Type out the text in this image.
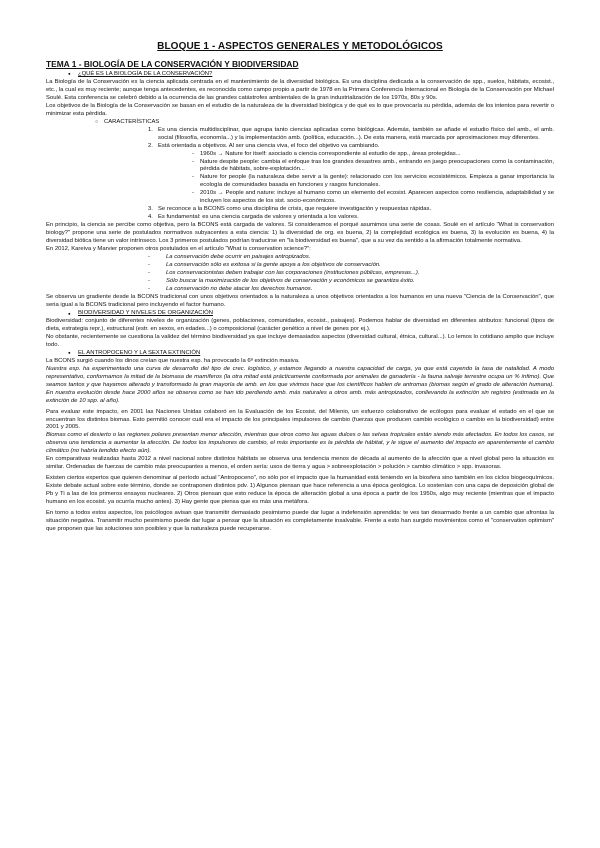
BLOQUE 1 - ASPECTOS GENERALES Y METODOLÓGICOS
TEMA 1 - BIOLOGÍA DE LA CONSERVACIÓN Y BIODIVERSIDAD
● ¿QUÉ ES LA BIOLOGÍA DE LA CONSERVACIÓN?

La Biología de la Conservación es la ciencia aplicada centrada en el mantenimiento de la diversidad biológica. Es una disciplina dedicada a la conservación de spp., suelos, hábitats, ecosist., etc., la cual es muy reciente; aunque tenga antecedentes, es reconocida como campo propio a partir de 1978 en la Primera Conferencia Internacional en Biología de la Conservación por Michael Soulé. Esta conferencia se celebró debido a la ocurrencia de las grandes catástrofes ambientales de la gran industrialización de los 1970s, 80s y 90s.

Los objetivos de la Biología de la Conservación se basan en el estudio de la naturaleza de la diversidad biológica y de qué es lo que provocaría su pérdida, además de los intentos para revertir o minimizar esta pérdida.

○ CARACTERÍSTICAS
1. Es una ciencia multidisciplinar, que agrupa tanto ciencias aplicadas como biológicas. Además, también se añade el estudio físico del amb., el amb. social (filosofía, economía...) y la implementación amb. (política, educación...). De esta manera, está marcada por aproximaciones muy diferentes.
2. Está orientada a objetivos. Al ser una ciencia viva, el foco del objetivo va cambiando.
- 1960s → Nature for itself: asociado a ciencia correspondiente al estudio de spp., áreas protegidas...
- Nature despite people: cambia el enfoque tras los grandes desastres amb., entrando en juego preocupaciones como la contaminación, pérdida de hábitats, sobre-explotación...
- Nature for people (la naturaleza debe servir a la gente): relacionado con los servicios ecosistémicos. Empieza a ganar importancia la ecología de comunidades basada en funciones y rasgos funcionales.
- 2010s → People and nature: incluye al humano como un elemento del ecosist. Aparecen aspectos como resiliencia, adaptabilidad y se incluyen los aspectos de los sist. socio-económicos.
3. Se reconoce a la BCONS como una disciplina de crisis, que requiere investigación y respuestas rápidas.
4. Es fundamental: es una ciencia cargada de valores y orientada a los valores.

En principio, la ciencia se percibe como objetiva, pero la BCONS está cargada de valores. Si consideramos el porqué asumimos una serie de cosas. Soulé en el artículo "What is conservation biology?" propone una serie de postulados normativos subyacentes a esta ciencia: 1) la diversidad de org. es buena, 2) la complejidad ecológica es buena, 3) la evolución es buena, 4) la diversidad biótica tiene un valor intrínseco. Los 3 primeros postulados podrían traducirse en "la biodiversidad es buena", que a su vez da sentido a la afirmación totalmente normativa.

En 2012, Kareiva y Marvier proponen otros postulados en el artículo "What is conservation science?":

- La conservación debe ocurrir en paisajes antropizados.
- La conservación sólo es exitosa si la gente apoya a los objetivos de conservación.
- Los conservacionistas deben trabajar con las corporaciones (instituciones públicas, empresas...).
- Sólo buscar la maximización de los objetivos de conservación y económicos se garantiza éxito.
- La conservación no debe atacar los derechos humanos.

Se observa un gradiente desde la BCONS tradicional con unos objetivos orientados a la naturaleza a unos objetivos orientados a los humanos en una nueva "Ciencia de la Conservación", que seria igual a la BCONS tradicional pero incluyendo el factor humano.

● BIODIVERSIDAD Y NIVELES DE ORGANIZACIÓN

Biodiversidad: conjunto de diferentes niveles de organización (genes, poblaciones, comunidades, ecosist., paisajes). Podemos hablar de diversidad en diferentes atributos: funcional (tipos de dieta, estrategia repr.), estructural (estr. en sexos, en edades...) o composicional (carácter genético a nivel de genes por ej.).

No obstante, recientemente se cuestiona la validez del término biodiversidad ya que incluye demasiados aspectos (diversidad cultural, étnica, cultural...). Lo lemos lo cotidiano amplio que incluye todo.

● EL ANTROPOCENO Y LA SEXTA EXTINCIÓN

La BCONS surgió cuando los dinos creían que nuestra esp. ha provocado la 6ª extinción masiva.

Nuestra esp. ha experimentado una curva de desarrollo del tipo de crec. logístico, y estamos llegando a nuestra capacidad de carga, ya que está cayendo la tasa de natalidad. A modo representativo, conformamos la mitad de la biomasa de mamíferos (la otra mitad está prácticamente conformada por animales de ganadería - la fauna salvaje terrestre ocupa un % ínfimo). Que seamos tantos y que hayamos alterado y transformado la gran mayoría de amb. en los que vivimos hace que los científicos hablen de antromas (biomas según el grado de alteración humana). En nuestra evolución desde hace 2000 años se observa como se han ido perdiendo amb. más naturales a otros amb. más antropizados, conllevando la extinción sin registro (estimada en la extinción de 10 spp. al año).

Para evaluar este impacto, en 2001 las Naciones Unidas colaboró en la Evaluación de los Ecosist. del Milenio, un esfuerzo colaborativo de ecólogos para evaluar el estado en el que se encuentran los distintos biomas. Esto permitió conocer cuál era el impacto de los principales impulsores de cambio (fuerzas que producen cambio ecológico o cambio en la biodiversidad) entre 2001 y 2005.

Biomas como el desierto o las regiones polares presentan menor afección, mientras que otros como las aguas dulces o las selvas tropicales están siendo más afectados. En todos los casos, se observa una tendencia a aumentar la afección. De todos los impulsores de cambio, el más importante es la pérdida de hábitat, y le sigue el aumento del impacto en aparentemente el cambio climático (no habría tendido efecto aún).

En comparativas realizadas hasta 2012 a nivel nacional sobre distintos hábitats se observa una tendencia menos de década al aumento de la afección que a nivel global pero la situación es similar. Ordenadas de fuerzas de cambio más preocupantes a menos, el orden sería: usos de tierra y agua > sobreexplotación > polución > cambio climático > spp. invasoras.

Existen ciertos expertos que quieren denominar al período actual "Antropoceno", no sólo por el impacto que la humanidad está teniendo en la biosfera sino también en los ciclos biogeoquímicos. Existe debate actual sobre este término, donde se contraponen distintos pdv. 1) Algunos piensan que hace referencia a una época geológica. Lo sostenían con una capa de deposición global de Pb y Ti a las de los primeros ensayos nucleares. 2) Otros piensan que esto reduce la época de alteración global a una época a partir de los 1950s, algo muy reciente (mientras que el impacto humano en los ecosist. ya ocurría mucho antes). 3) Hay gente que piensa que es más una metáfora.

En torno a todos estos aspectos, los psicólogos avisan que transmitir demasiado pesimismo puede dar lugar a indefensión aprendida: te ves tan desarmado frente a un cambio que afrontas la situación negativa. Transmitir mucho pesimismo puede dar lugar a pensar que la situación es completamente insalvable. Frente a esto han surgido movimientos como el "conservation optimism" que proponen que las soluciones son posibles y que la naturaleza puede recuperarse.
